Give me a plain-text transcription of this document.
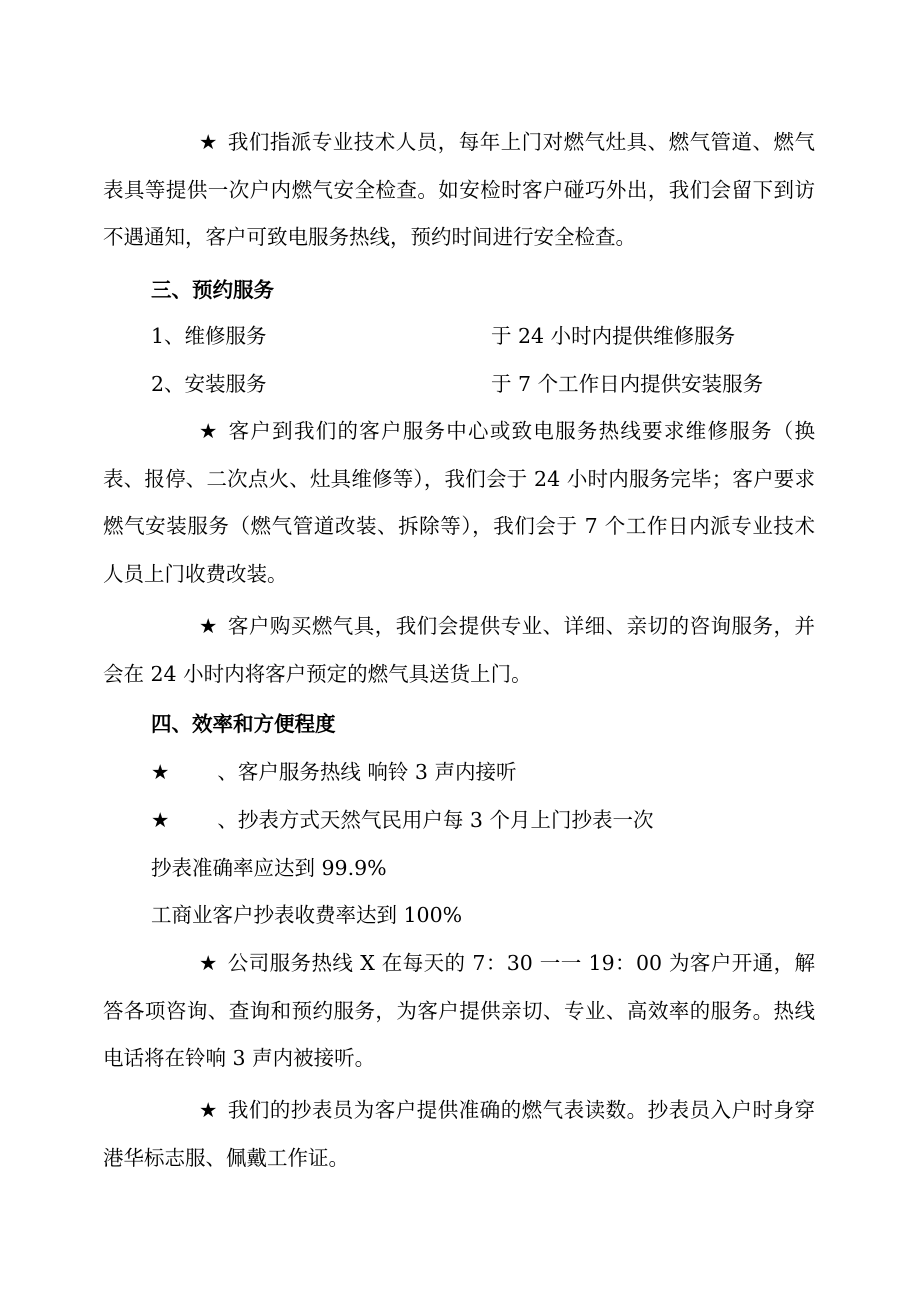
★ 我们指派专业技术人员，每年上门对燃气灶具、燃气管道、燃气表具等提供一次户内燃气安全检查。如安检时客户碰巧外出，我们会留下到访不遇通知，客户可致电服务热线，预约时间进行安全检查。

三、预约服务

1、维修服务	于 24 小时内提供维修服务

2、安装服务	于 7 个工作日内提供安装服务

★ 客户到我们的客户服务中心或致电服务热线要求维修服务（换表、报停、二次点火、灶具维修等），我们会于 24 小时内服务完毕；客户要求燃气安装服务（燃气管道改装、拆除等），我们会于 7 个工作日内派专业技术人员上门收费改装。

★ 客户购买燃气具，我们会提供专业、详细、亲切的咨询服务，并会在 24 小时内将客户预定的燃气具送货上门。

四、效率和方便程度

★ 、客户服务热线 响铃 3 声内接听

★ 、抄表方式天然气民用户每 3 个月上门抄表一次

抄表准确率应达到 99.9%

工商业客户抄表收费率达到 100%

★ 公司服务热线 X 在每天的 7：30 一一 19：00 为客户开通，解答各项咨询、查询和预约服务，为客户提供亲切、专业、高效率的服务。热线电话将在铃响 3 声内被接听。

★ 我们的抄表员为客户提供准确的燃气表读数。抄表员入户时身穿港华标志服、佩戴工作证。
